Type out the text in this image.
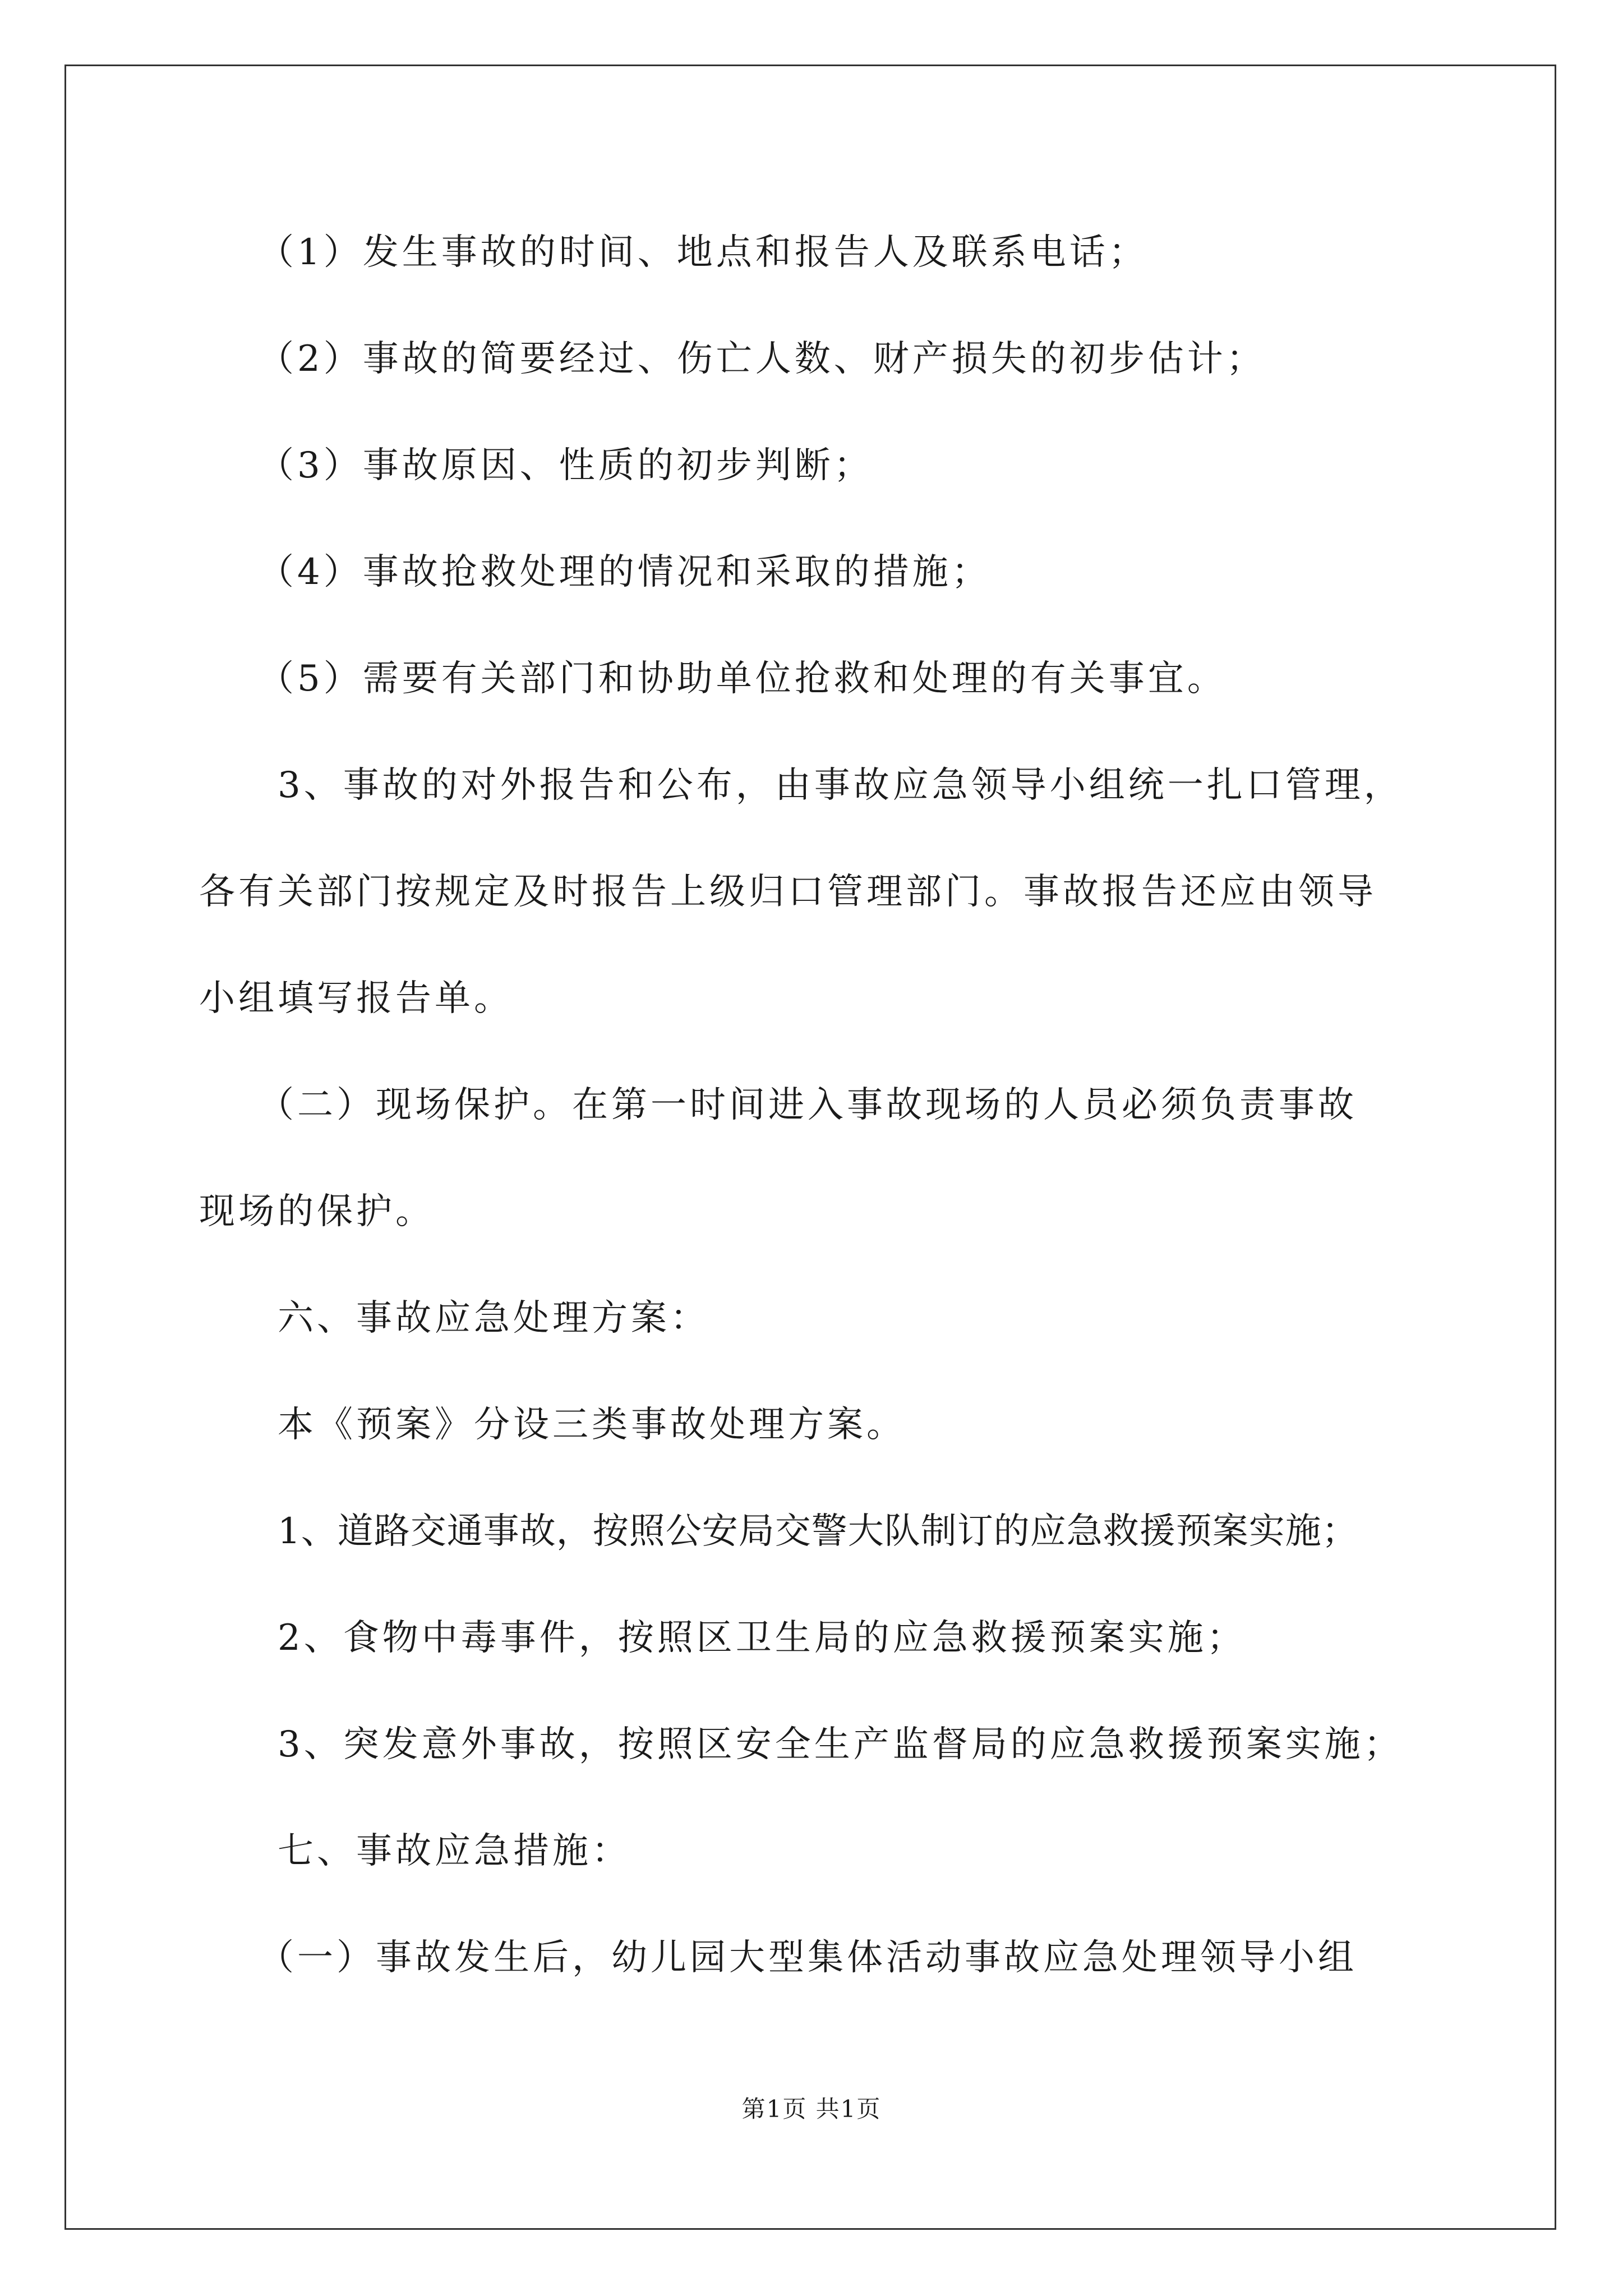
（1）发生事故的时间、地点和报告人及联系电话；
（2）事故的简要经过、伤亡人数、财产损失的初步估计；
（3）事故原因、性质的初步判断；
（4）事故抢救处理的情况和采取的措施；
（5）需要有关部门和协助单位抢救和处理的有关事宜。
3、事故的对外报告和公布，由事故应急领导小组统一扎口管理，
各有关部门按规定及时报告上级归口管理部门。事故报告还应由领导
小组填写报告单。
（二）现场保护。在第一时间进入事故现场的人员必须负责事故
现场的保护。
六、事故应急处理方案：
本《预案》分设三类事故处理方案。
1、道路交通事故，按照公安局交警大队制订的应急救援预案实施；
2、食物中毒事件，按照区卫生局的应急救援预案实施；
3、突发意外事故，按照区安全生产监督局的应急救援预案实施；
七、事故应急措施：
（一）事故发生后，幼儿园大型集体活动事故应急处理领导小组
第1页 共1页
